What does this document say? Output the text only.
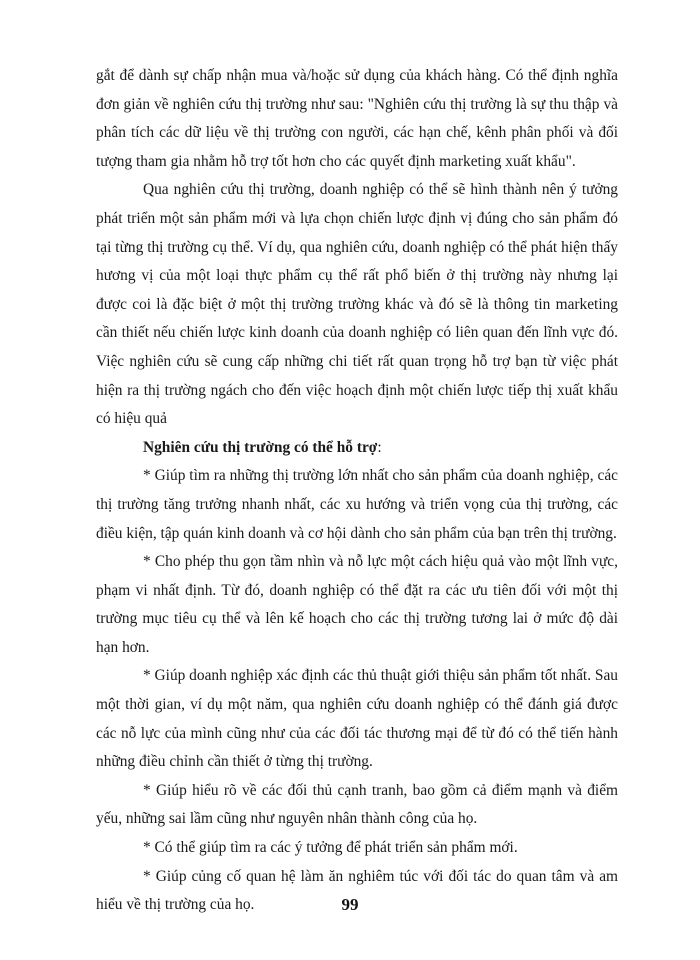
gắt để dành sự chấp nhận mua và/hoặc sử dụng của khách hàng. Có thể định nghĩa đơn giản về nghiên cứu thị trường như sau: "Nghiên cứu thị trường là sự thu thập và phân tích các dữ liệu về thị trường con người, các hạn chế, kênh phân phối và đối tượng tham gia nhằm hỗ trợ tốt hơn cho các quyết định marketing xuất khẩu".

Qua nghiên cứu thị trường, doanh nghiệp có thể sẽ hình thành nên ý tưởng phát triển một sản phẩm mới và lựa chọn chiến lược định vị đúng cho sản phẩm đó tại từng thị trường cụ thể. Ví dụ, qua nghiên cứu, doanh nghiệp có thể phát hiện thấy hương vị của một loại thực phẩm cụ thể rất phổ biến ở thị trường này nhưng lại được coi là đặc biệt ở một thị trường trường khác và đó sẽ là thông tin marketing cần thiết nếu chiến lược kinh doanh của doanh nghiệp có liên quan đến lĩnh vực đó. Việc nghiên cứu sẽ cung cấp những chi tiết rất quan trọng hỗ trợ bạn từ việc phát hiện ra thị trường ngách cho đến việc hoạch định một chiến lược tiếp thị xuất khẩu có hiệu quả

Nghiên cứu thị trường có thể hỗ trợ:

* Giúp tìm ra những thị trường lớn nhất cho sản phẩm của doanh nghiệp, các thị trường tăng trưởng nhanh nhất, các xu hướng và triển vọng của thị trường, các điều kiện, tập quán kinh doanh và cơ hội dành cho sản phẩm của bạn trên thị trường.

* Cho phép thu gọn tầm nhìn và nỗ lực một cách hiệu quả vào một lĩnh vực, phạm vi nhất định. Từ đó, doanh nghiệp có thể đặt ra các ưu tiên đối với một thị trường mục tiêu cụ thể và lên kế hoạch cho các thị trường tương lai ở mức độ dài hạn hơn.

* Giúp doanh nghiệp xác định các thủ thuật giới thiệu sản phẩm tốt nhất. Sau một thời gian, ví dụ một năm, qua nghiên cứu doanh nghiệp có thể đánh giá được các nỗ lực của mình cũng như của các đối tác thương mại để từ đó có thể tiến hành những điều chỉnh cần thiết ở từng thị trường.

* Giúp hiểu rõ về các đối thủ cạnh tranh, bao gồm cả điểm mạnh và điểm yếu, những sai lầm cũng như nguyên nhân thành công của họ.

* Có thể giúp tìm ra các ý tưởng để phát triển sản phẩm mới.

* Giúp củng cố quan hệ làm ăn nghiêm túc với đối tác do quan tâm và am hiểu về thị trường của họ.	99
